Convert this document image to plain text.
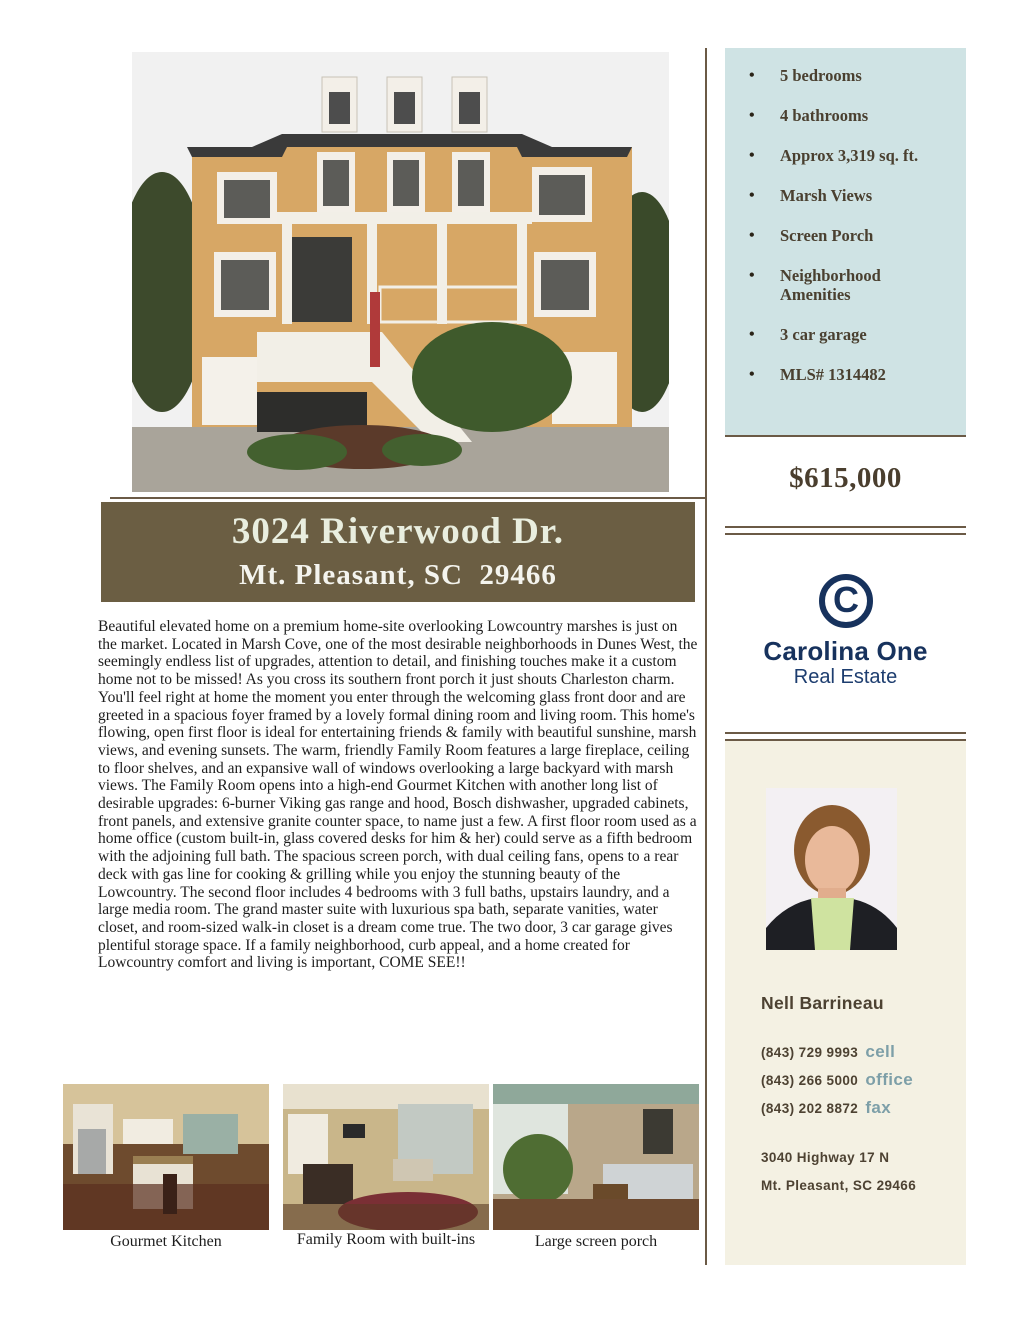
3024 Riverwood Dr.
Mt. Pleasant, SC  29466
Beautiful elevated home on a premium home-site overlooking Lowcountry marshes is just on the market. Located in Marsh Cove, one of the most desirable neighborhoods in Dunes West, the seemingly endless list of upgrades, attention to detail, and finishing touches make it a custom home not to be missed! As you cross its southern front porch it just shouts Charleston charm. You'll feel right at home the moment you enter through the welcoming glass front door and are greeted in a spacious foyer framed by a lovely formal dining room and living room. This home's flowing, open first floor is ideal for entertaining friends & family with beautiful sunshine, marsh views, and evening sunsets. The warm, friendly Family Room features a large fireplace, ceiling to floor shelves, and an expansive wall of windows overlooking a large backyard with marsh views. The Family Room opens into a high-end Gourmet Kitchen with another long list of desirable upgrades: 6-burner Viking gas range and hood, Bosch dishwasher, upgraded cabinets, front panels, and extensive granite counter space, to name just a few. A first floor room used as a home office (custom built-in, glass covered desks for him & her) could serve as a fifth bedroom with the adjoining full bath. The spacious screen porch, with dual ceiling fans, opens to a rear deck with gas line for cooking & grilling while you enjoy the stunning beauty of the Lowcountry. The second floor includes 4 bedrooms with 3 full baths, upstairs laundry, and a large media room. The grand master suite with luxurious spa bath, separate vanities, water closet, and room-sized walk-in closet is a dream come true. The two door, 3 car garage gives plentiful storage space. If a family neighborhood, curb appeal, and a home created for Lowcountry comfort and living is important, COME SEE!!
Gourmet Kitchen	Family Room with built-ins	Large screen porch
• 5 bedrooms
• 4 bathrooms
• Approx 3,319 sq. ft.
• Marsh Views
• Screen Porch
• Neighborhood Amenities
• 3 car garage
• MLS# 1314482
$615,000
C
Carolina One
Real Estate
Nell Barrineau
(843) 729 9993 cell
(843) 266 5000 office
(843) 202 8872 fax
3040 Highway 17 N
Mt. Pleasant, SC 29466
